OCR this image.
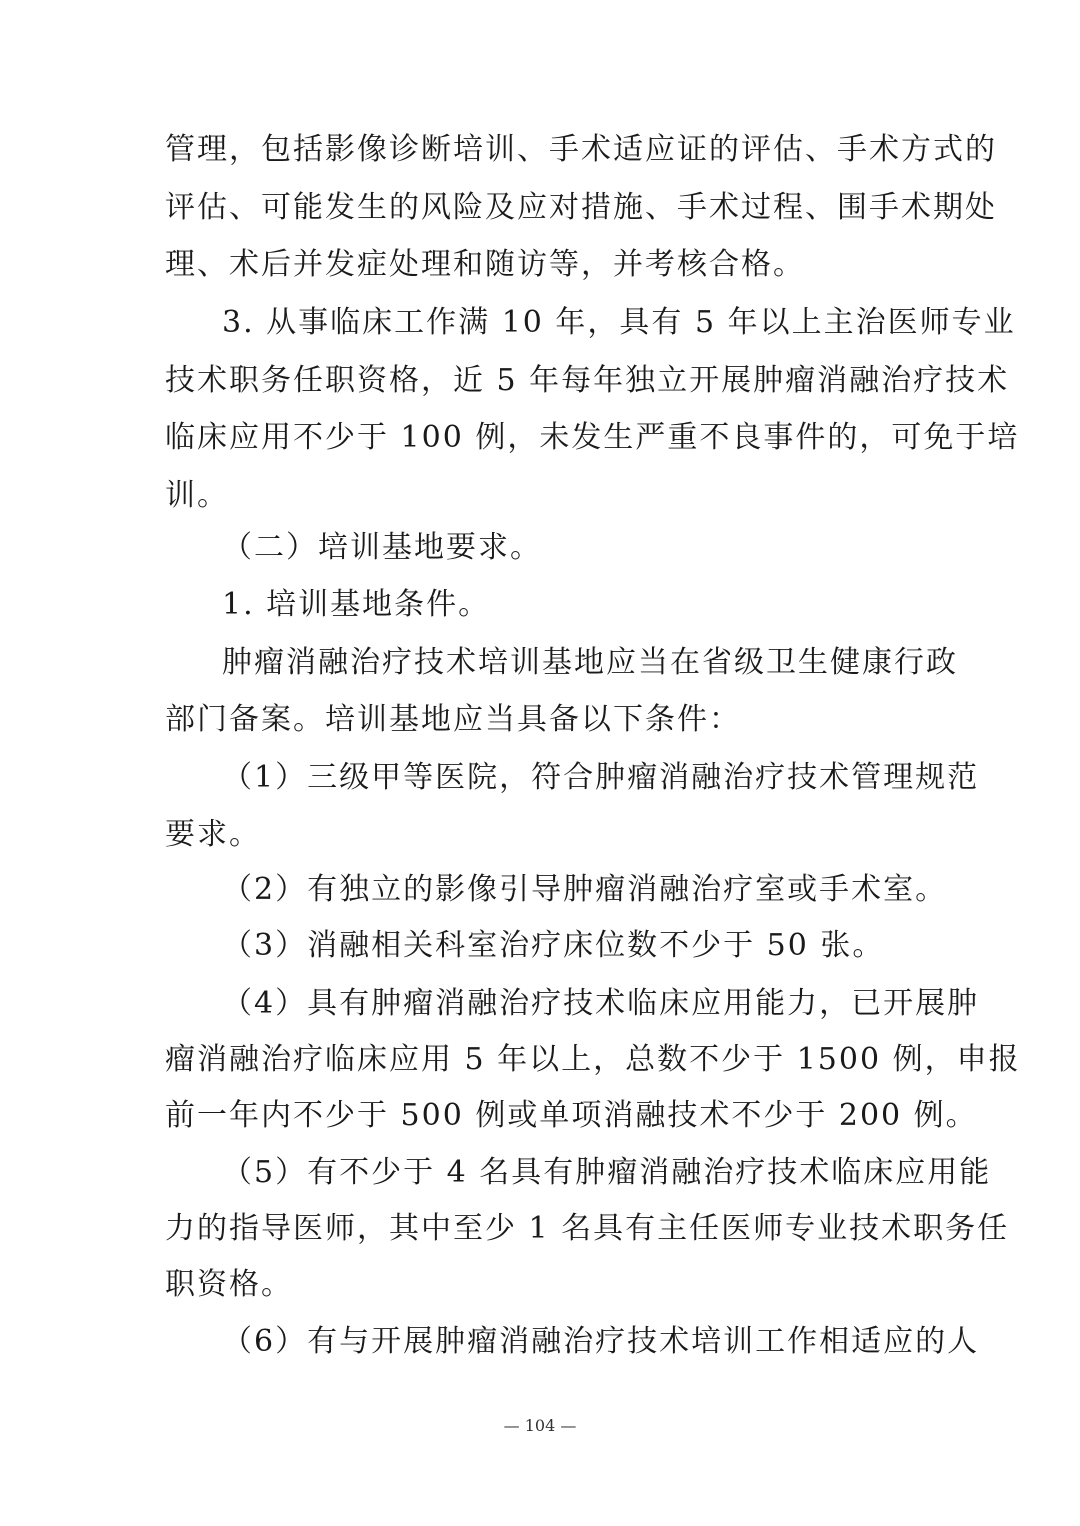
管理，包括影像诊断培训、手术适应证的评估、手术方式的
评估、可能发生的风险及应对措施、手术过程、围手术期处
理、术后并发症处理和随访等，并考核合格。
3. 从事临床工作满 10 年，具有 5 年以上主治医师专业
技术职务任职资格，近 5 年每年独立开展肿瘤消融治疗技术
临床应用不少于 100 例，未发生严重不良事件的，可免于培
训。
（二）培训基地要求。
1. 培训基地条件。
肿瘤消融治疗技术培训基地应当在省级卫生健康行政
部门备案。培训基地应当具备以下条件：
（1）三级甲等医院，符合肿瘤消融治疗技术管理规范
要求。
（2）有独立的影像引导肿瘤消融治疗室或手术室。
（3）消融相关科室治疗床位数不少于 50 张。
（4）具有肿瘤消融治疗技术临床应用能力，已开展肿
瘤消融治疗临床应用 5 年以上，总数不少于 1500 例，申报
前一年内不少于 500 例或单项消融技术不少于 200 例。
（5）有不少于 4 名具有肿瘤消融治疗技术临床应用能
力的指导医师，其中至少 1 名具有主任医师专业技术职务任
职资格。
（6）有与开展肿瘤消融治疗技术培训工作相适应的人
— 104 —
